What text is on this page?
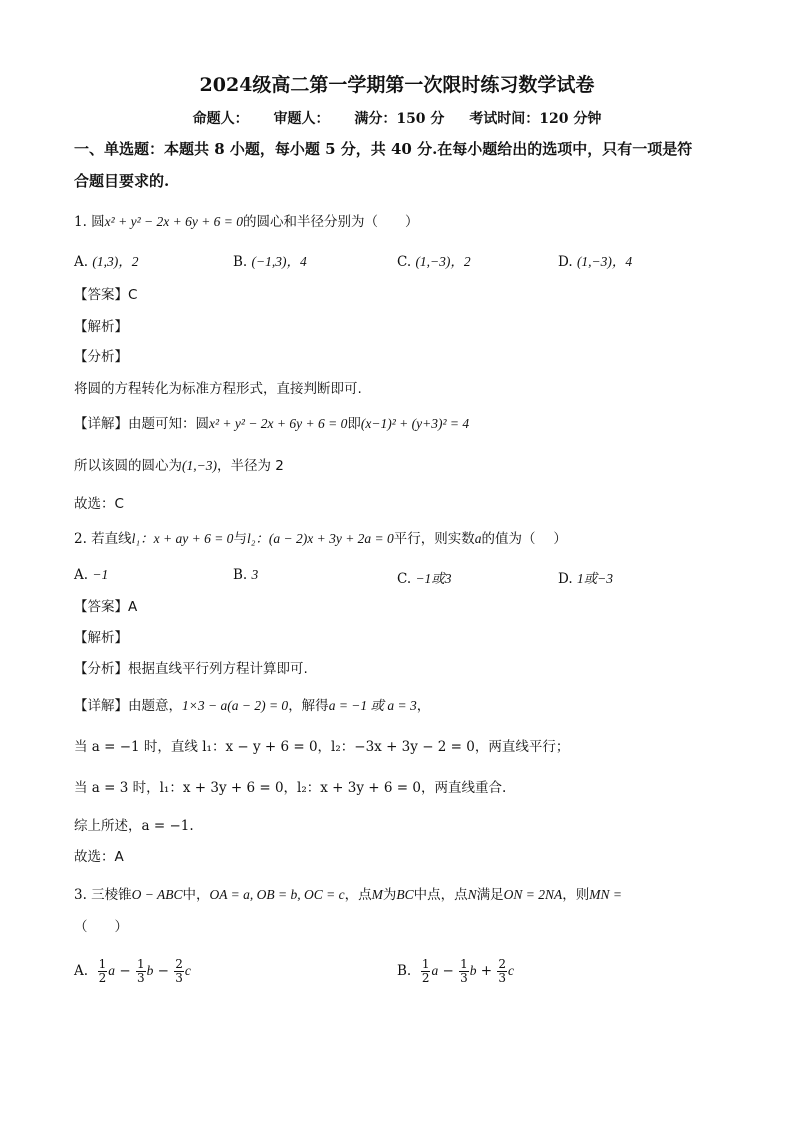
2024级高二第一学期第一次限时练习数学试卷
命题人： 审题人： 满分：150 分 考试时间：120 分钟
一、单选题：本题共 8 小题，每小题 5 分，共 40 分.在每小题给出的选项中，只有一项是符
合题目要求的.
1. 圆x² + y² − 2x + 6y + 6 = 0的圆心和半径分别为（　　）
A. (1,3)，2	B. (−1,3)，4	C. (1,−3)，2	D. (1,−3)，4
【答案】C
【解析】
【分析】
将圆的方程转化为标准方程形式，直接判断即可.
【详解】由题可知：圆x² + y² − 2x + 6y + 6 = 0即(x−1)² + (y+3)² = 4
所以该圆的圆心为(1,−3)，半径为 2
故选：C
2. 若直线l₁：x + ay + 6 = 0与l₂：(a − 2)x + 3y + 2a = 0平行，则实数a的值为（　 ）
A. −1	B. 3	C. −1或3	D. 1或−3
【答案】A
【解析】
【分析】根据直线平行列方程计算即可.
【详解】由题意，1×3 − a(a − 2) = 0，解得a = −1 或 a = 3，
当 a = −1 时，直线 l₁：x − y + 6 = 0，l₂：−3x + 3y − 2 = 0，两直线平行；
当 a = 3 时，l₁：x + 3y + 6 = 0，l₂：x + 3y + 6 = 0，两直线重合.
综上所述，a = −1.
故选：A
3. 三棱锥O − ABC中，OA = a, OB = b, OC = c，点M为BC中点，点N满足ON = 2NA，则MN =
（　　）
A. $\frac{1}{2}$ $a - \frac{1}{3}$ $b - \frac{2}{3}$ c	B. $\frac{1}{2}$ $a - \frac{1}{3}$ $b + \frac{2}{3}$ c
